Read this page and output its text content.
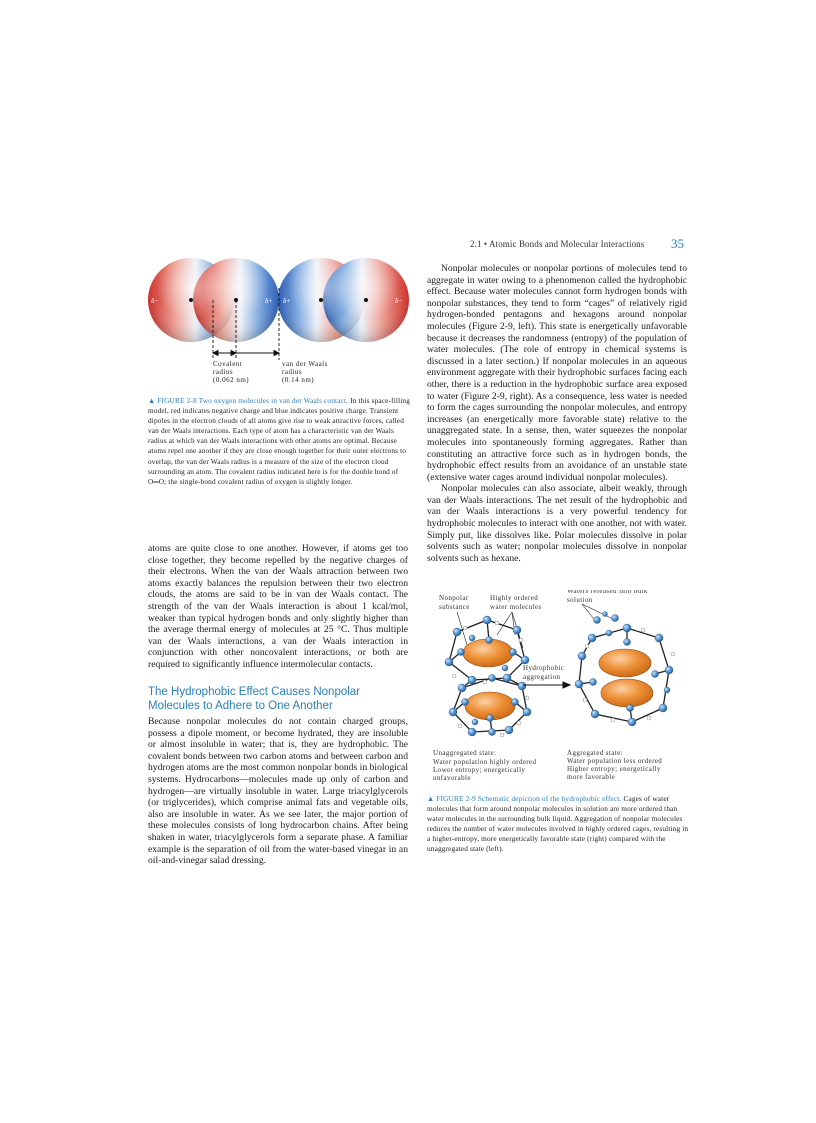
2.1 • Atomic Bonds and Molecular Interactions 35
δ−	δ+ δ+	δ−
Covalent
radius
(0.062 nm)
van der Waals
radius
(0.14 nm)
▲ FIGURE 2-8 Two oxygen molecules in van der Waals contact. In this space-filling model, red indicates negative charge and blue indicates positive charge. Transient dipoles in the electron clouds of all atoms give rise to weak attractive forces, called van der Waals interactions. Each type of atom has a characteristic van der Waals radius at which van der Waals interactions with other atoms are optimal. Because atoms repel one another if they are close enough together for their outer electrons to overlap, the van der Waals radius is a measure of the size of the electron cloud surrounding an atom. The covalent radius indicated here is for the double bond of O═O; the single-bond covalent radius of oxygen is slightly longer.

Nonpolar molecules or nonpolar portions of molecules tend to aggregate in water owing to a phenomenon called the hydrophobic effect. Because water molecules cannot form hydrogen bonds with nonpolar substances, they tend to form “cages” of relatively rigid hydrogen-bonded pentagons and hexagons around nonpolar molecules (Figure 2-9, left). This state is energetically unfavorable because it decreases the randomness (entropy) of the population of water molecules. (The role of entropy in chemical systems is discussed in a later section.) If nonpolar molecules in an aqueous environment aggregate with their hydrophobic surfaces facing each other, there is a reduction in the hydrophobic surface area exposed to water (Figure 2-9, right). As a consequence, less water is needed to form the cages surrounding the nonpolar molecules, and entropy increases (an energetically more favorable state) relative to the unaggregated state. In a sense, then, water squeezes the nonpolar molecules into spontaneously forming aggregates. Rather than constituting an attractive force such as in hydrogen bonds, the hydrophobic effect results from an avoidance of an unstable state (extensive water cages around individual nonpolar molecules).

Nonpolar molecules can also associate, albeit weakly, through van der Waals interactions. The net result of the hydrophobic and van der Waals interactions is a very powerful tendency for hydrophobic molecules to interact with one another, not with water. Simply put, like dissolves like. Polar molecules dissolve in polar solvents such as water; nonpolar molecules dissolve in nonpolar solvents such as hexane.

atoms are quite close to one another. However, if atoms get too close together, they become repelled by the negative charges of their electrons. When the van der Waals attraction between two atoms exactly balances the repulsion between their two electron clouds, the atoms are said to be in van der Waals contact. The strength of the van der Waals interaction is about 1 kcal/mol, weaker than typical hydrogen bonds and only slightly higher than the average thermal energy of molecules at 25 °C. Thus multiple van der Waals interactions, a van der Waals interaction in conjunction with other noncovalent interactions, or both are required to significantly influence intermolecular contacts.

The Hydrophobic Effect Causes Nonpolar
Molecules to Adhere to One Another

Because nonpolar molecules do not contain charged groups, possess a dipole moment, or become hydrated, they are insoluble or almost insoluble in water; that is, they are hydrophobic. The covalent bonds between two carbon atoms and between carbon and hydrogen atoms are the most common nonpolar bonds in biological systems. Hydrocarbons—molecules made up only of carbon and hydrogen—are virtually insoluble in water. Large triacylglycerols (or triglycerides), which comprise animal fats and vegetable oils, also are insoluble in water. As we see later, the major portion of these molecules consists of long hydrocarbon chains. After being shaken in water, triacylglycerols form a separate phase. A familiar example is the separation of oil from the water-based vinegar in an oil-and-vinegar salad dressing.

Nonpolar
substance
Highly ordered
water molecules
Waters released into bulk
solution
Hydrophobic
aggregation
Unaggregated state:
Water population highly ordered
Lower entropy; energetically
unfavorable
Aggregated state:
Water population less ordered
Higher entropy; energetically
more favorable
▲ FIGURE 2-9 Schematic depiction of the hydrophobic effect. Cages of water molecules that form around nonpolar molecules in solution are more ordered than water molecules in the surrounding bulk liquid. Aggregation of nonpolar molecules reduces the number of water molecules involved in highly ordered cages, resulting in a higher-entropy, more energetically favorable state (right) compared with the unaggregated state (left).
